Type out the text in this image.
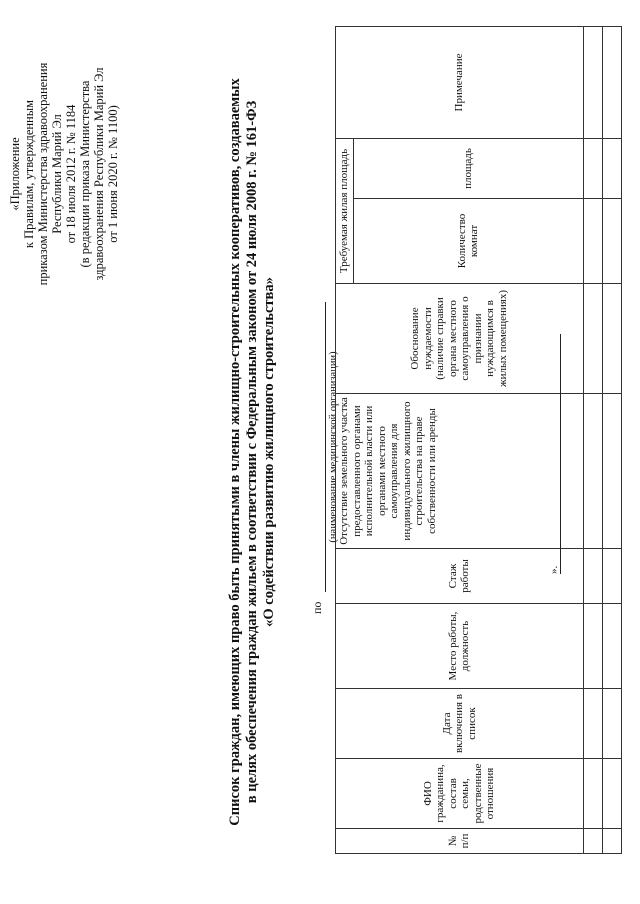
«Приложение к Правилам, утвержденным приказом Министерства здравоохранения Республики Марий Эл от 18 июля 2012 г. № 1184 (в редакции приказа Министерства здравоохранения Республики Марий Эл от 1 июня 2020 г. № 1100)	Список граждан, имеющих право быть принятыми в члены жилищно-строительных кооперативов, создаваемых в целях обеспечения граждан жильем в соответствии с Федеральным законом от 24 июля 2008 г. № 161-ФЗ «О содействии развитию жилищного строительства»	по
(наименование медицинской организации)
№ п/п	ФИО гражданина, состав семьи, родственные отношения	Дата включения в список	Место работы, должность	Стаж работы	Отсутствие земельного участка предоставленного органами исполнительной власти или органами местного самоуправления для индивидуального жилищного строительства на праве собственности или аренды	Обоснование нуждаемости (наличие справки органа местного самоуправления о признании нуждающимся в жилых помещениях)	Требуемая жилая площадь		Примечание
							Количество комнат	площадь	

».
